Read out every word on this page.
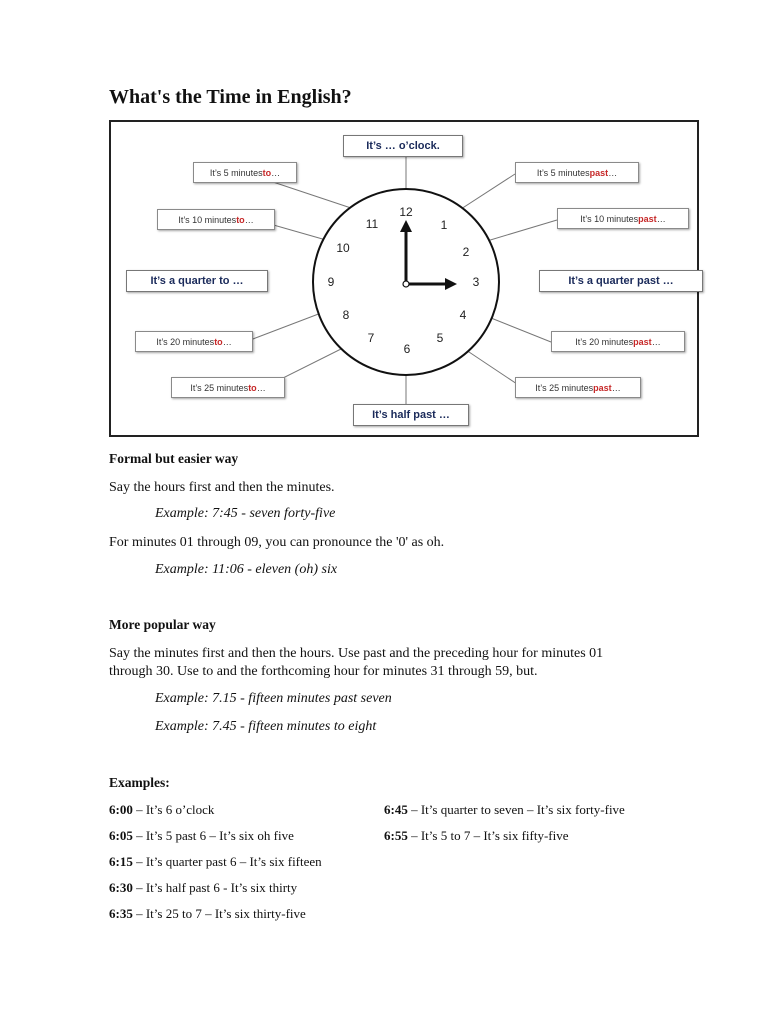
What's the Time in English?
12
1
2
3
4
5
6
7
8
9
10
11
It’s … o’clock.
It’s half past …
It’s a quarter to …	It’s a quarter past …
It’s 5 minutes to …
It’s 10 minutes to …
It’s 20 minutes to …
It’s 25 minutes to …
It’s 5 minutes past …
It’s 10 minutes past …
It’s 20 minutes past …
It’s 25 minutes past …
Formal but easier way
Say the hours first and then the minutes.
Example: 7:45 - seven forty-five
For minutes 01 through 09, you can pronounce the '0' as oh.
Example: 11:06 - eleven (oh) six
More popular way
Say the minutes first and then the hours. Use past and the preceding hour for minutes 01
through 30. Use to and the forthcoming hour for minutes 31 through 59, but.
Example: 7.15 - fifteen minutes past seven
Example: 7.45 - fifteen minutes to eight
Examples:
6:00 – It’s 6 o’clock
6:05 – It’s 5 past 6 – It’s six oh five
6:15 – It’s quarter past 6 – It’s six fifteen
6:30 – It’s half past 6 - It’s six thirty
6:35 – It’s 25 to 7 – It’s six thirty-five
6:45 – It’s quarter to seven – It’s six forty-five
6:55 – It’s 5 to 7 – It’s six fifty-five
